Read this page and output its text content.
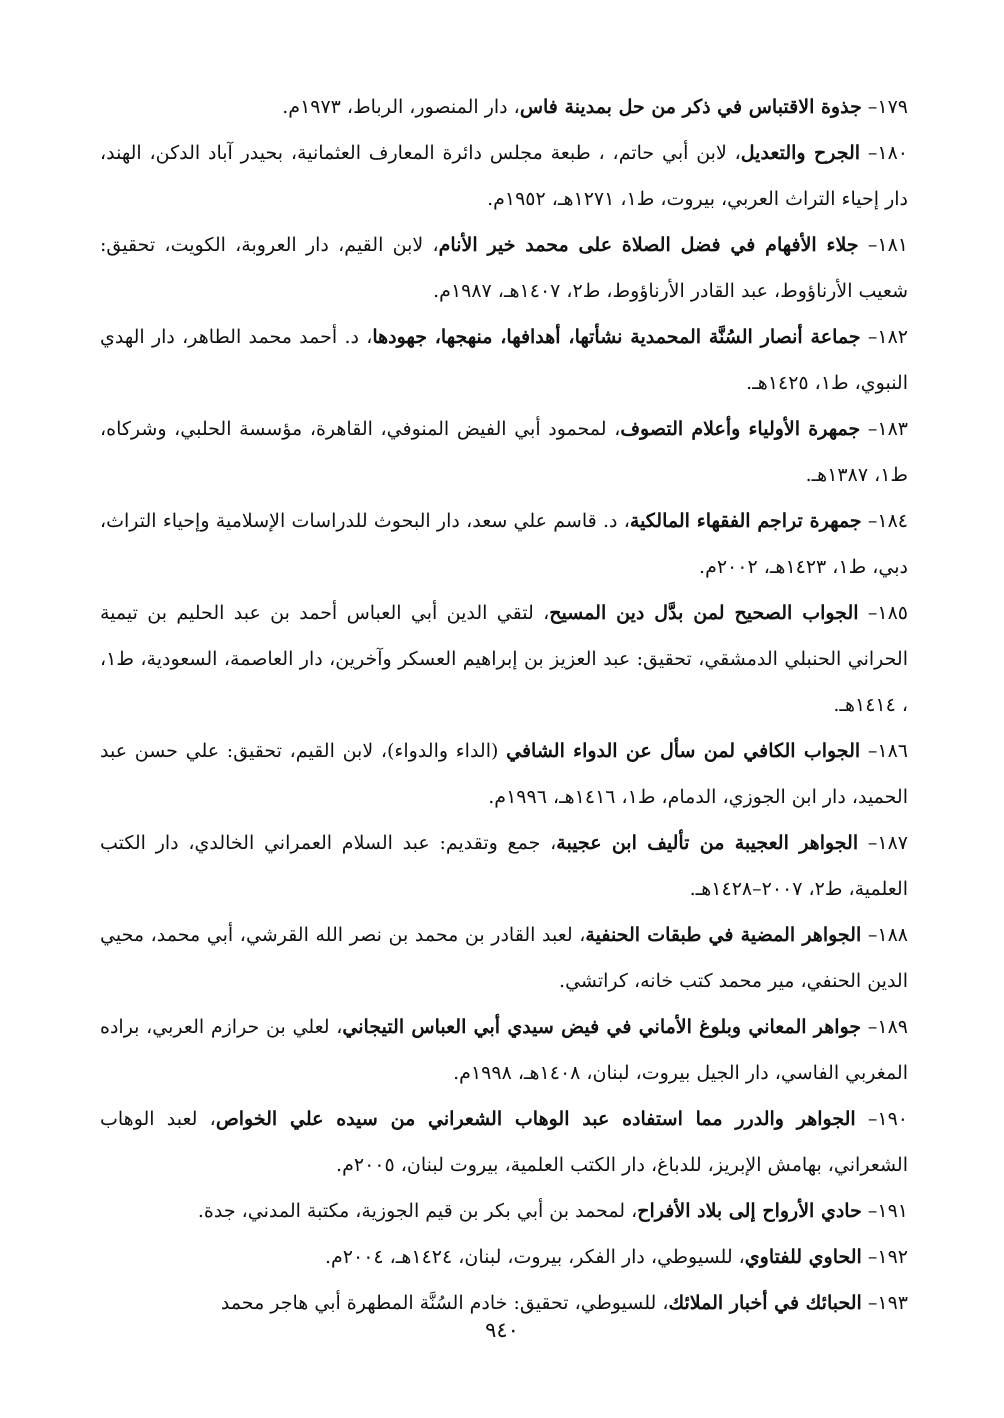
١٧٩– جذوة الاقتباس في ذكر من حل بمدينة فاس، دار المنصور، الرباط، ١٩٧٣م.

١٨٠– الجرح والتعديل، لابن أبي حاتم، ، طبعة مجلس دائرة المعارف العثمانية، بحيدر آباد الدكن، الهند، دار إحياء التراث العربي، بيروت، ط١، ١٢٧١هـ، ١٩٥٢م.

١٨١– جلاء الأفهام في فضل الصلاة على محمد خير الأنام، لابن القيم، دار العروبة، الكويت، تحقيق: شعيب الأرناؤوط، عبد القادر الأرناؤوط، ط٢، ١٤٠٧هـ، ١٩٨٧م.

١٨٢– جماعة أنصار السُنَّة المحمدية نشأتها، أهدافها، منهجها، جهودها، د. أحمد محمد الطاهر، دار الهدي النبوي، ط١، ١٤٢٥هـ.

١٨٣– جمهرة الأولياء وأعلام التصوف، لمحمود أبي الفيض المنوفي، القاهرة، مؤسسة الحلبي، وشركاه، ط١، ١٣٨٧هـ.

١٨٤– جمهرة تراجم الفقهاء المالكية، د. قاسم علي سعد، دار البحوث للدراسات الإسلامية وإحياء التراث، دبي، ط١، ١٤٢٣هـ، ٢٠٠٢م.

١٨٥– الجواب الصحيح لمن بدَّل دين المسيح، لتقي الدين أبي العباس أحمد بن عبد الحليم بن تيمية الحراني الحنبلي الدمشقي، تحقيق: عبد العزيز بن إبراهيم العسكر وآخرين، دار العاصمة، السعودية، ط١، ، ١٤١٤هـ.

١٨٦– الجواب الكافي لمن سأل عن الدواء الشافي (الداء والدواء)، لابن القيم، تحقيق: علي حسن عبد الحميد، دار ابن الجوزي، الدمام، ط١، ١٤١٦هـ، ١٩٩٦م.

١٨٧– الجواهر العجيبة من تأليف ابن عجيبة، جمع وتقديم: عبد السلام العمراني الخالدي، دار الكتب العلمية، ط٢، ٢٠٠٧–١٤٢٨هـ.

١٨٨– الجواهر المضية في طبقات الحنفية، لعبد القادر بن محمد بن نصر الله القرشي، أبي محمد، محيي الدين الحنفي، مير محمد كتب خانه، كراتشي.

١٨٩– جواهر المعاني وبلوغ الأماني في فيض سيدي أبي العباس التيجاني، لعلي بن حرازم العربي، براده المغربي الفاسي، دار الجيل بيروت، لبنان، ١٤٠٨هـ، ١٩٩٨م.

١٩٠– الجواهر والدرر مما استفاده عبد الوهاب الشعراني من سيده علي الخواص، لعبد الوهاب الشعراني، بهامش الإبريز، للدباغ، دار الكتب العلمية، بيروت لبنان، ٢٠٠٥م.

١٩١– حادي الأرواح إلى بلاد الأفراح، لمحمد بن أبي بكر بن قيم الجوزية، مكتبة المدني، جدة.

١٩٢– الحاوي للفتاوي، للسيوطي، دار الفكر، بيروت، لبنان، ١٤٢٤هـ، ٢٠٠٤م.

١٩٣– الحبائك في أخبار الملائك، للسيوطي، تحقيق: خادم السُنَّة المطهرة أبي هاجر محمد

٩٤٠
